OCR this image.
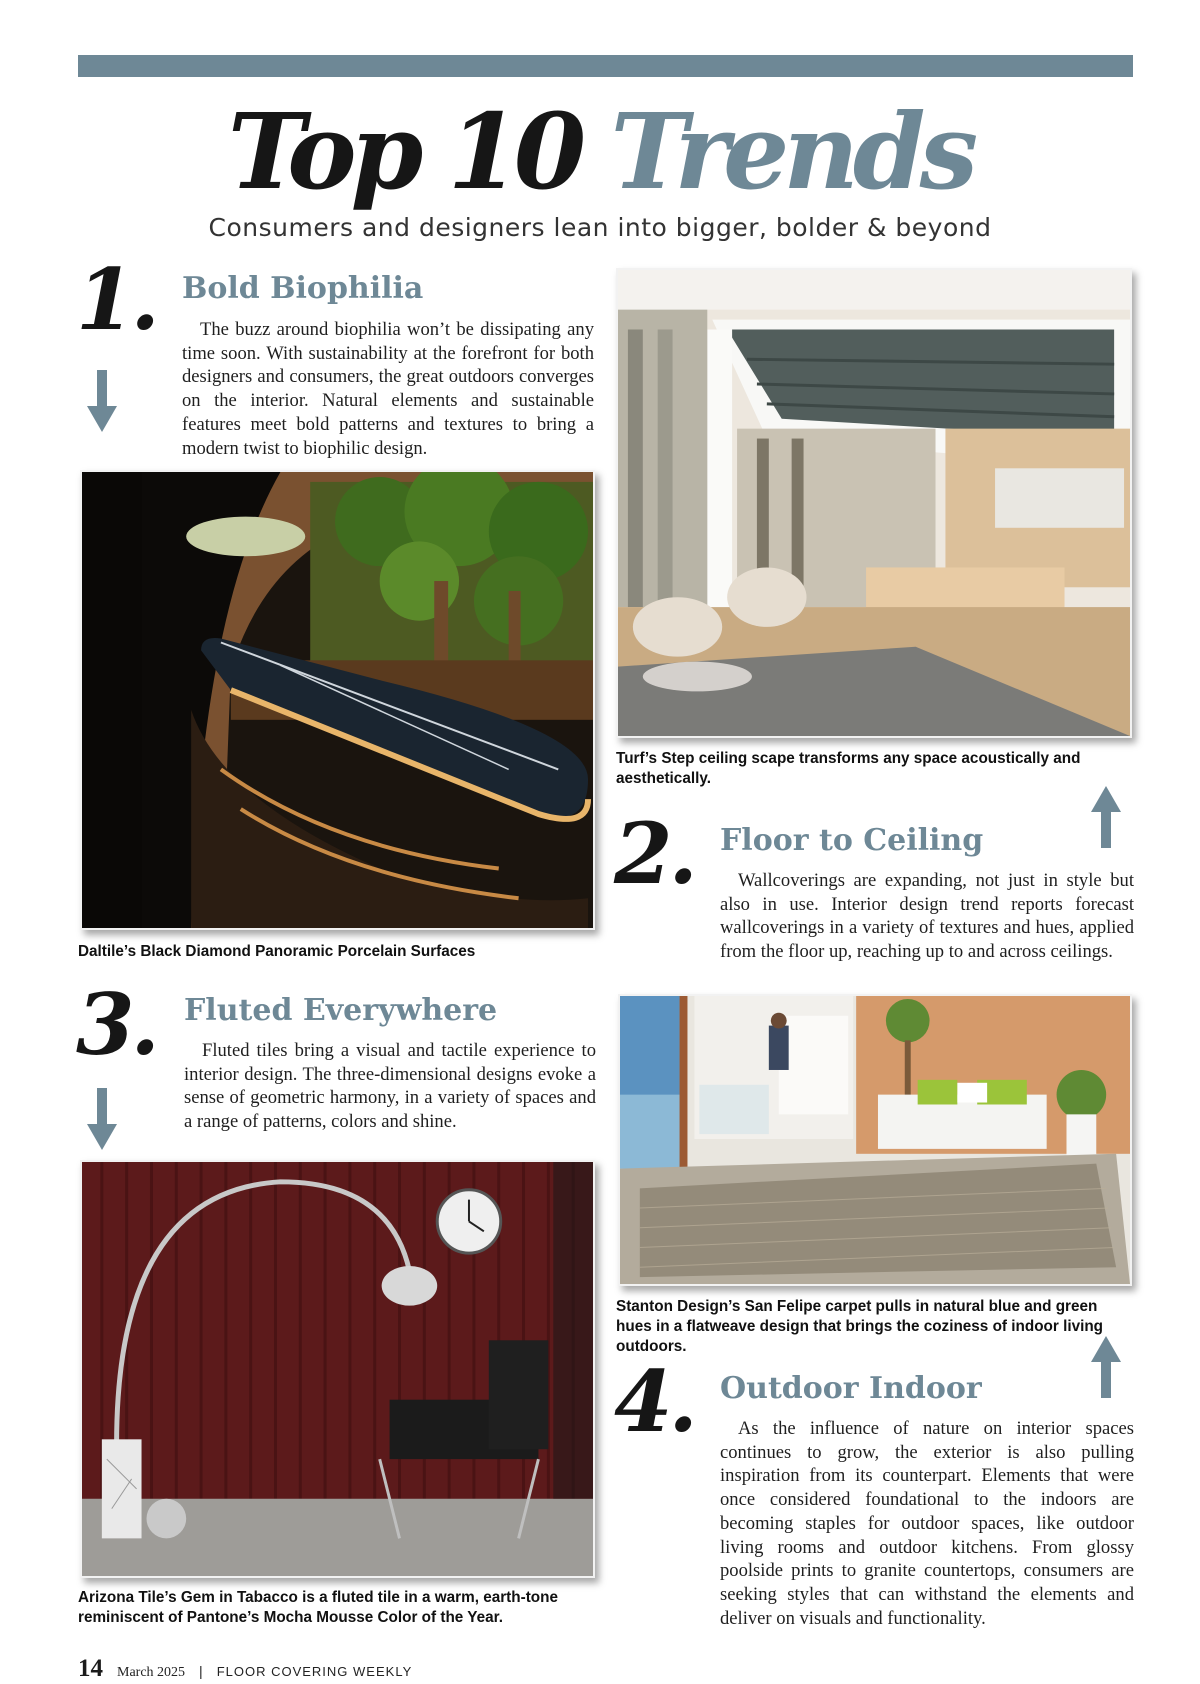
Top 10 Trends
Consumers and designers lean into bigger, bolder & beyond
1. Bold Biophilia

The buzz around biophilia won’t be dissipating any time soon. With sustainability at the forefront for both designers and consumers, the great outdoors converges on the interior. Natural elements and sustainable features meet bold patterns and textures to bring a modern twist to biophilic design.

Daltile’s Black Diamond Panoramic Porcelain Surfaces

Turf’s Step ceiling scape transforms any space acoustically and aesthetically.

2. Floor to Ceiling

Wallcoverings are expanding, not just in style but also in use. Interior design trend reports forecast wallcoverings in a variety of textures and hues, applied from the floor up, reaching up to and across ceilings.

3. Fluted Everywhere

Fluted tiles bring a visual and tactile experience to interior design. The three-dimensional designs evoke a sense of geometric harmony, in a variety of spaces and a range of patterns, colors and shine.

Stanton Design’s San Felipe carpet pulls in natural blue and green hues in a flatweave design that brings the coziness of indoor living outdoors.

Arizona Tile’s Gem in Tabacco is a fluted tile in a warm, earth-tone reminiscent of Pantone’s Mocha Mousse Color of the Year.

4. Outdoor Indoor

As the influence of nature on interior spaces continues to grow, the exterior is also pulling inspiration from its counterpart. Elements that were once considered foundational to the indoors are becoming staples for outdoor spaces, like outdoor living rooms and outdoor kitchens. From glossy poolside prints to granite countertops, consumers are seeking styles that can withstand the elements and deliver on visuals and functionality.

14 March 2025 | FLOOR COVERING WEEKLY
